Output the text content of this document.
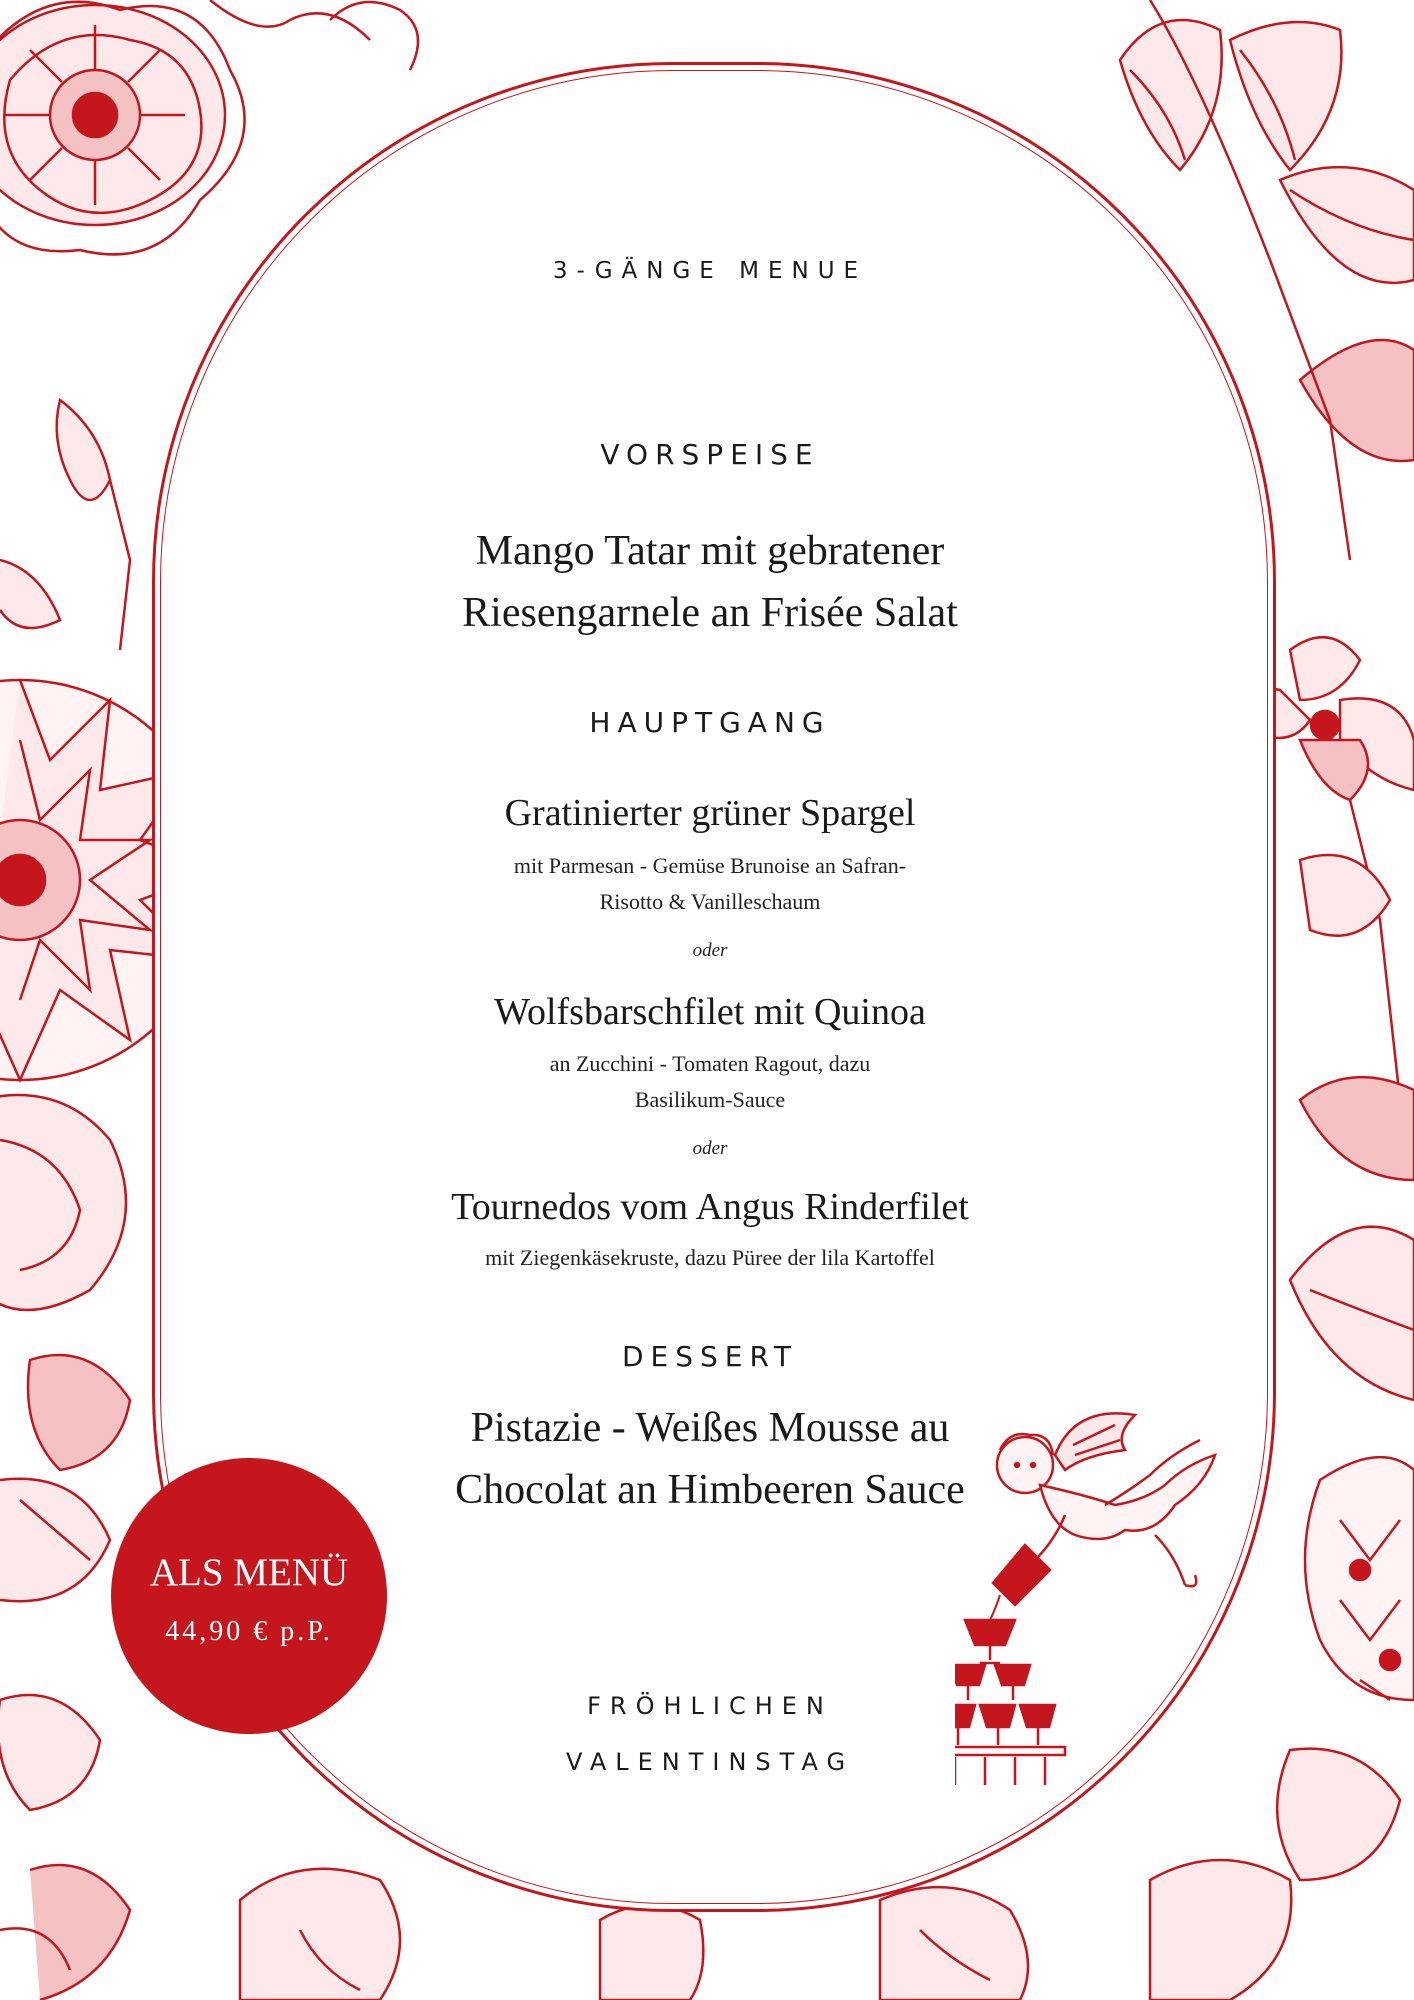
3-GÄNGE MENUE
VORSPEISE
Mango Tatar mit gebratener
Riesengarnele an Frisée Salat
HAUPTGANG
Gratinierter grüner Spargel
mit Parmesan - Gemüse Brunoise an Safran-
Risotto & Vanilleschaum
oder
Wolfsbarschfilet mit Quinoa
an Zucchini - Tomaten Ragout, dazu
Basilikum-Sauce
oder
Tournedos vom Angus Rinderfilet
mit Ziegenkäsekruste, dazu Püree der lila Kartoffel
DESSERT
Pistazie - Weißes Mousse au
Chocolat an Himbeeren Sauce
FRÖHLICHEN
VALENTINSTAG
ALS MENÜ
44,90 € p.P.
